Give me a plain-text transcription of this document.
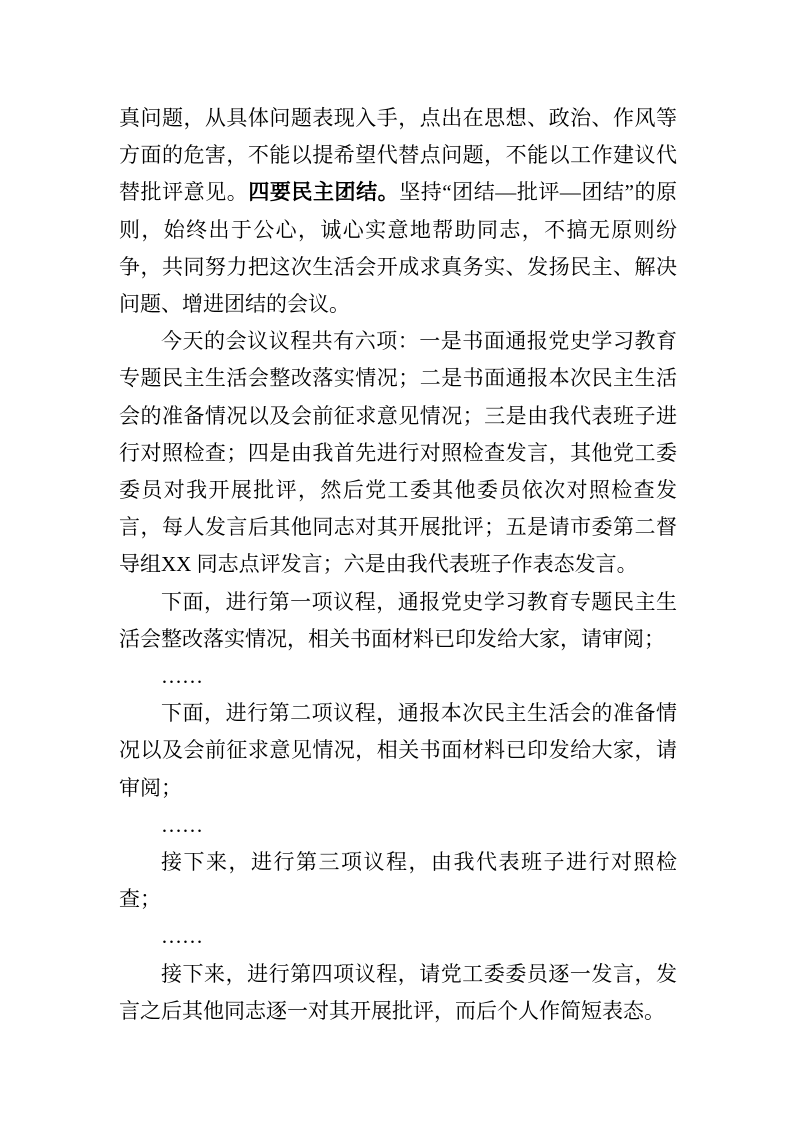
真问题，从具体问题表现入手，点出在思想、政治、作风等方面的危害，不能以提希望代替点问题，不能以工作建议代替批评意见。四要民主团结。坚持“团结—批评—团结”的原则，始终出于公心，诚心实意地帮助同志，不搞无原则纷争，共同努力把这次生活会开成求真务实、发扬民主、解决问题、增进团结的会议。

今天的会议议程共有六项：一是书面通报党史学习教育专题民主生活会整改落实情况；二是书面通报本次民主生活会的准备情况以及会前征求意见情况；三是由我代表班子进行对照检查；四是由我首先进行对照检查发言，其他党工委委员对我开展批评，然后党工委其他委员依次对照检查发言，每人发言后其他同志对其开展批评；五是请市委第二督导组XX 同志点评发言；六是由我代表班子作表态发言。

下面，进行第一项议程，通报党史学习教育专题民主生活会整改落实情况，相关书面材料已印发给大家，请审阅；

……

下面，进行第二项议程，通报本次民主生活会的准备情况以及会前征求意见情况，相关书面材料已印发给大家，请审阅；

……

接下来，进行第三项议程，由我代表班子进行对照检查；

……

接下来，进行第四项议程，请党工委委员逐一发言，发言之后其他同志逐一对其开展批评，而后个人作简短表态。
